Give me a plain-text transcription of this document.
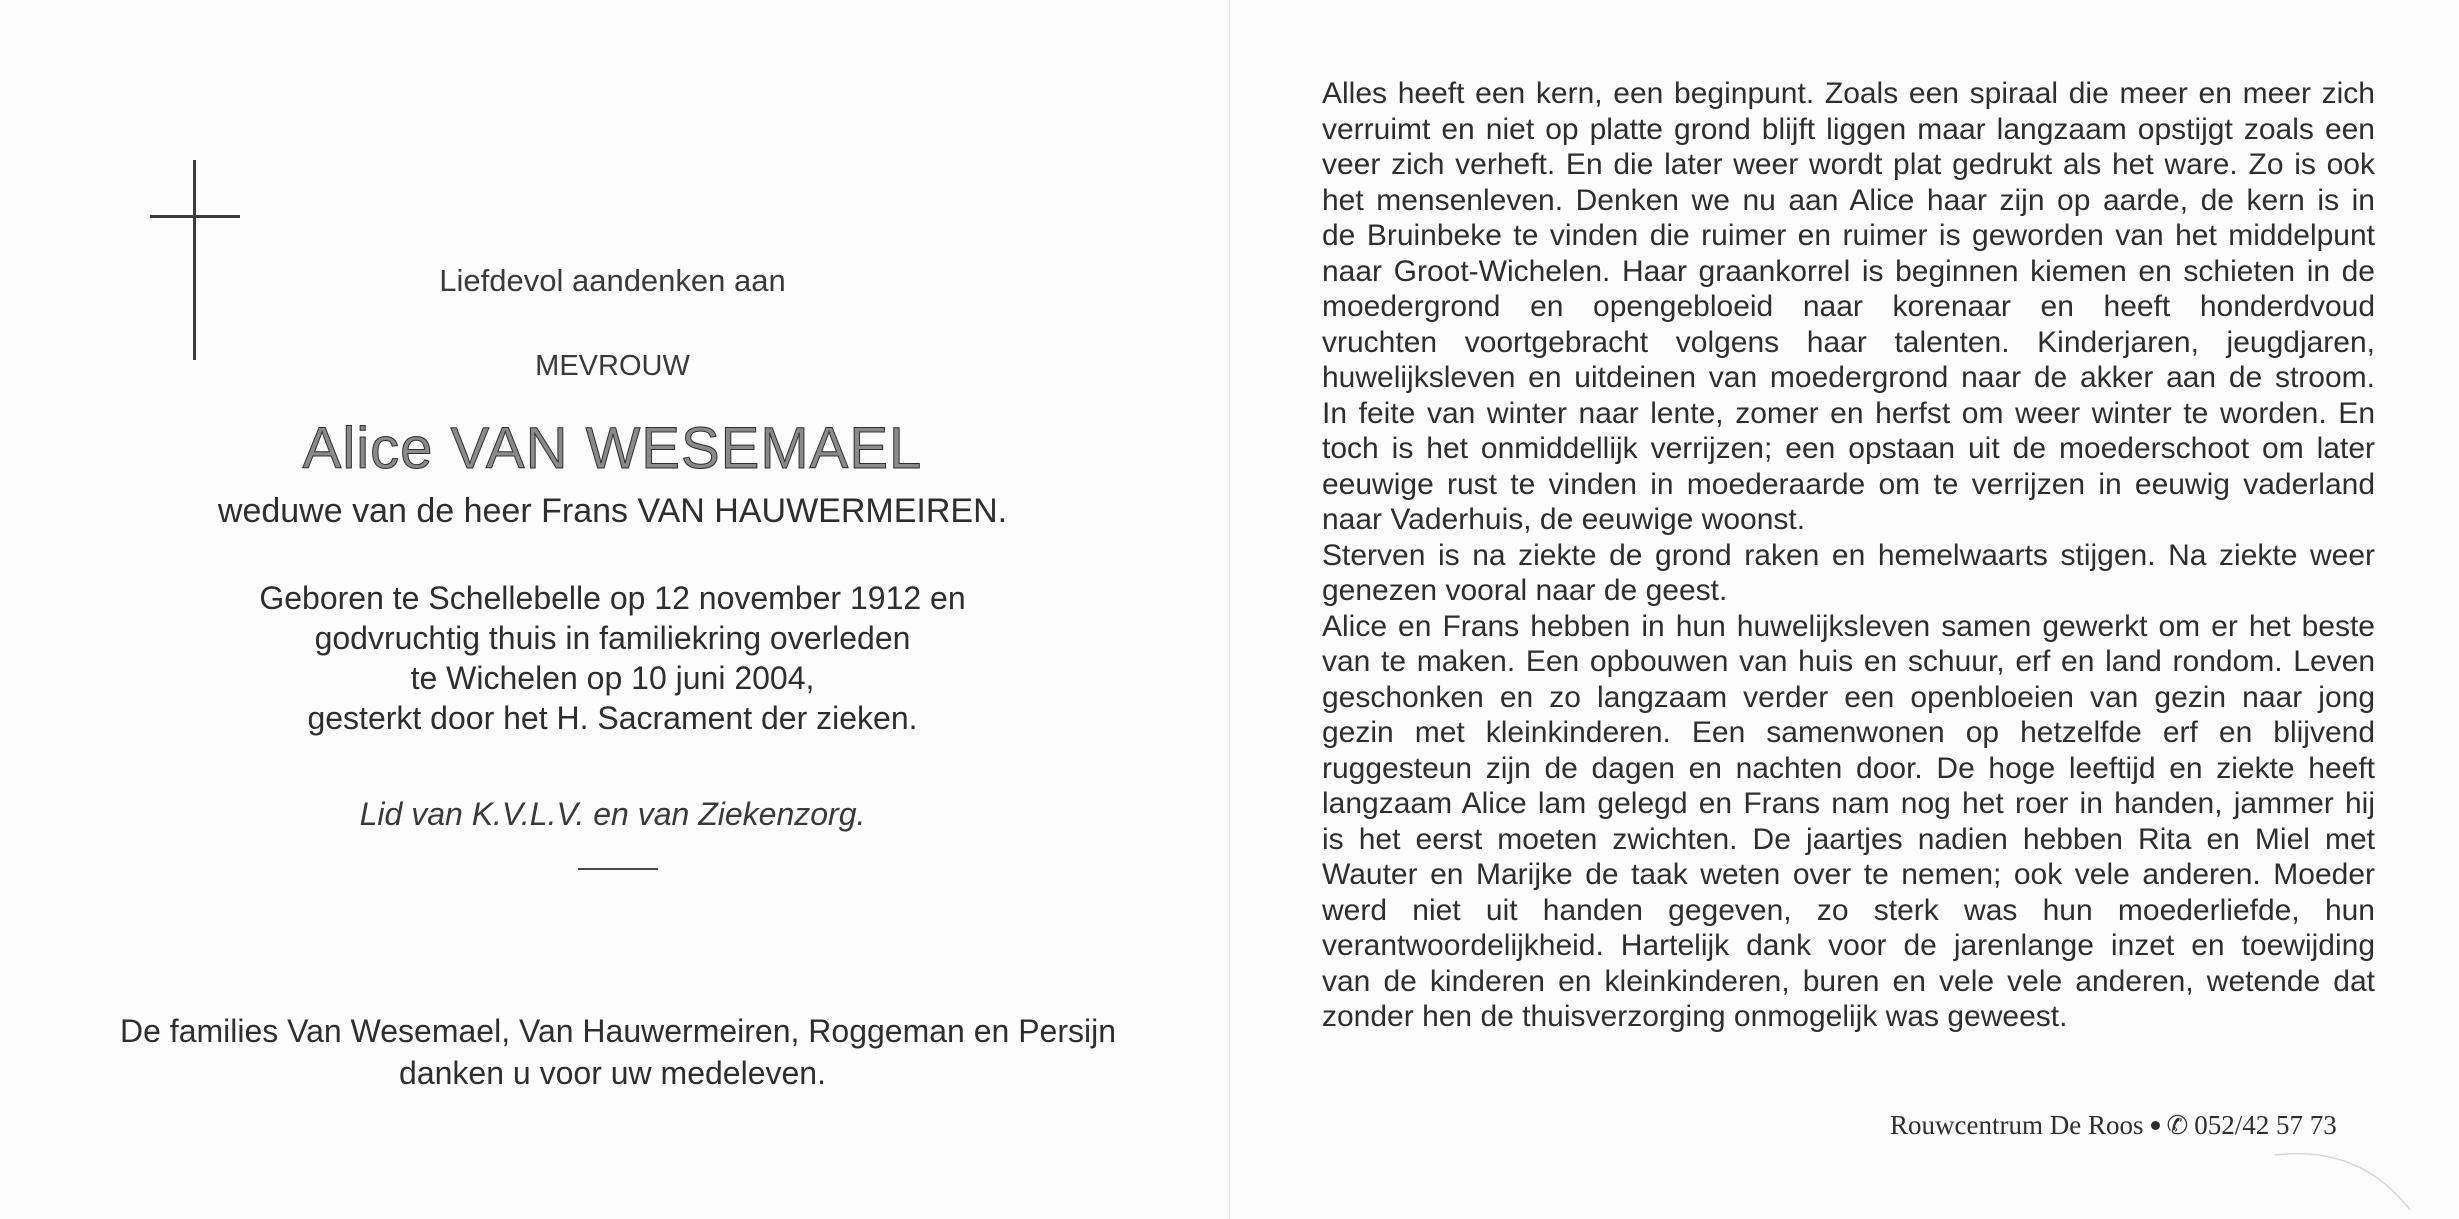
Liefdevol aandenken aan
MEVROUW
Alice VAN WESEMAEL
weduwe van de heer Frans VAN HAUWERMEIREN.
Geboren te Schellebelle op 12 november 1912 en
godvruchtig thuis in familiekring overleden
te Wichelen op 10 juni 2004,
gesterkt door het H. Sacrament der zieken.
Lid van K.V.L.V. en van Ziekenzorg.
De families Van Wesemael, Van Hauwermeiren, Roggeman en Persijn
danken u voor uw medeleven.
Alles heeft een kern, een beginpunt. Zoals een spiraal die meer en meer zich
verruimt en niet op platte grond blijft liggen maar langzaam opstijgt zoals een
veer zich verheft. En die later weer wordt plat gedrukt als het ware. Zo is ook
het mensenleven. Denken we nu aan Alice haar zijn op aarde, de kern is in
de Bruinbeke te vinden die ruimer en ruimer is geworden van het middelpunt
naar Groot-Wichelen. Haar graankorrel is beginnen kiemen en schieten in de
moedergrond en opengebloeid naar korenaar en heeft honderdvoud
vruchten voortgebracht volgens haar talenten. Kinderjaren, jeugdjaren,
huwelijksleven en uitdeinen van moedergrond naar de akker aan de stroom.
In feite van winter naar lente, zomer en herfst om weer winter te worden. En
toch is het onmiddellijk verrijzen; een opstaan uit de moederschoot om later
eeuwige rust te vinden in moederaarde om te verrijzen in eeuwig vaderland
naar Vaderhuis, de eeuwige woonst.
Sterven is na ziekte de grond raken en hemelwaarts stijgen. Na ziekte weer
genezen vooral naar de geest.
Alice en Frans hebben in hun huwelijksleven samen gewerkt om er het beste
van te maken. Een opbouwen van huis en schuur, erf en land rondom. Leven
geschonken en zo langzaam verder een openbloeien van gezin naar jong
gezin met kleinkinderen. Een samenwonen op hetzelfde erf en blijvend
ruggesteun zijn de dagen en nachten door. De hoge leeftijd en ziekte heeft
langzaam Alice lam gelegd en Frans nam nog het roer in handen, jammer hij
is het eerst moeten zwichten. De jaartjes nadien hebben Rita en Miel met
Wauter en Marijke de taak weten over te nemen; ook vele anderen. Moeder
werd niet uit handen gegeven, zo sterk was hun moederliefde, hun
verantwoordelijkheid. Hartelijk dank voor de jarenlange inzet en toewijding
van de kinderen en kleinkinderen, buren en vele vele anderen, wetende dat
zonder hen de thuisverzorging onmogelijk was geweest.
Rouwcentrum De Roos ✆ 052/42 57 73
